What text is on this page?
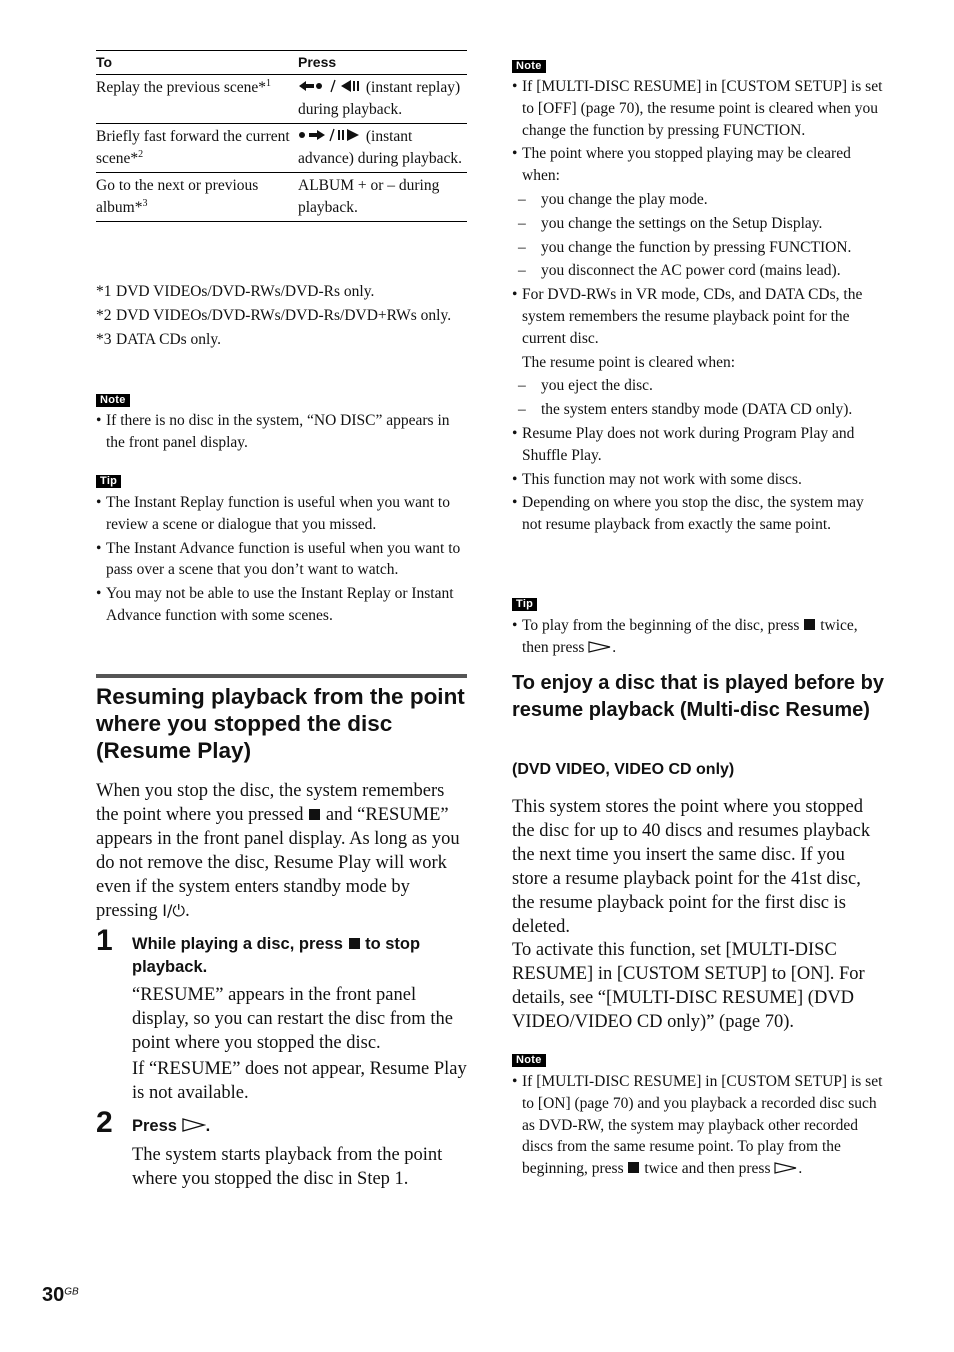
To	Press
Replay the previous scene*$^1$	(instant replay) during playback.
Briefly fast forward the current scene*$^2$
(instant advance) during playback.
Go to the next or previous album*$^3$
ALBUM + or – during playback.
*1 DVD VIDEOs/DVD-RWs/DVD-Rs only.
*2 DVD VIDEOs/DVD-RWs/DVD-Rs/DVD+RWs only.
*3 DATA CDs only.
Note
• If there is no disc in the system, “NO DISC” appears in the front panel display.
Tip
• The Instant Replay function is useful when you want to review a scene or dialogue that you missed.
• The Instant Advance function is useful when you want to pass over a scene that you don’t want to watch.
• You may not be able to use the Instant Replay or Instant Advance function with some scenes.
Resuming playback from the point where you stopped the disc (Resume Play)
When you stop the disc, the system remembers the point where you pressed and “RESUME” appears in the front panel display. As long as you do not remove the disc, Resume Play will work even if the system enters standby mode by pressing I/⏻.
1 While playing a disc, press to stop playback.
“RESUME” appears in the front panel display, so you can restart the disc from the point where you stopped the disc.
If “RESUME” does not appear, Resume Play is not available.
2 Press .
The system starts playback from the point where you stopped the disc in Step 1.
$30^{GB}$
Note
• If [MULTI-DISC RESUME] in [CUSTOM SETUP] is set to [OFF] (page 70), the resume point is cleared when you change the function by pressing FUNCTION.
• The point where you stopped playing may be cleared when:
– you change the play mode.
– you change the settings on the Setup Display.
– you change the function by pressing FUNCTION.
– you disconnect the AC power cord (mains lead).
• For DVD-RWs in VR mode, CDs, and DATA CDs, the system remembers the resume playback point for the current disc.
The resume point is cleared when:
– you eject the disc.
– the system enters standby mode (DATA CD only).
• Resume Play does not work during Program Play and Shuffle Play.
• This function may not work with some discs.
• Depending on where you stop the disc, the system may not resume playback from exactly the same point.
Tip
• To play from the beginning of the disc, press twice, then press .
To enjoy a disc that is played before by resume playback (Multi-disc Resume)
(DVD VIDEO, VIDEO CD only)
This system stores the point where you stopped the disc for up to 40 discs and resumes playback the next time you insert the same disc. If you store a resume playback point for the 41st disc, the resume playback point for the first disc is deleted.
To activate this function, set [MULTI-DISC RESUME] in [CUSTOM SETUP] to [ON]. For details, see “[MULTI-DISC RESUME] (DVD VIDEO/VIDEO CD only)” (page 70).
Note
• If [MULTI-DISC RESUME] in [CUSTOM SETUP] is set to [ON] (page 70) and you playback a recorded disc such as DVD-RW, the system may playback other recorded discs from the same resume point. To play from the beginning, press twice and then press .
